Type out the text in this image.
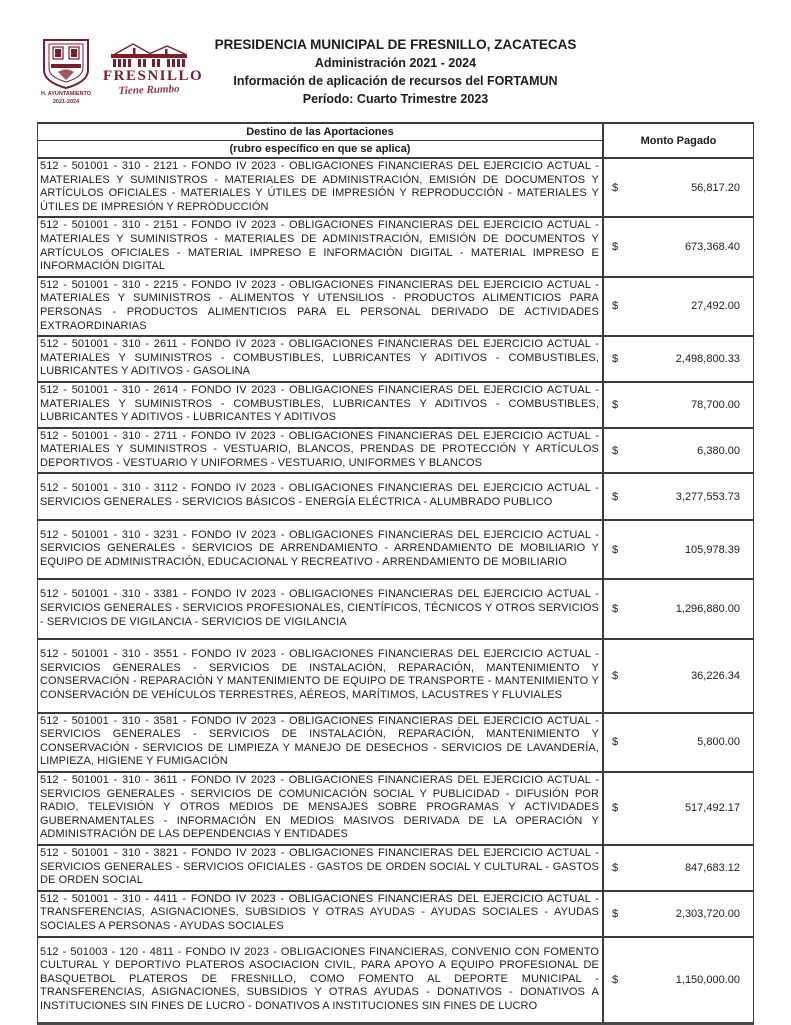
H. AYUNTAMIENTO
2021-2024
FRESNILLO
Tiene Rumbo
PRESIDENCIA MUNICIPAL DE FRESNILLO, ZACATECAS
Administración 2021 - 2024
Información de aplicación de recursos del FORTAMUN
Período: Cuarto Trimestre 2023
Destino de las Aportaciones
(rubro específico en que se aplica)
Monto Pagado
512 - 501001 - 310 - 2121 - FONDO IV 2023 - OBLIGACIONES FINANCIERAS DEL EJERCICIO ACTUAL - MATERIALES Y SUMINISTROS - MATERIALES DE ADMINISTRACIÓN, EMISIÓN DE DOCUMENTOS Y ARTÍCULOS OFICIALES - MATERIALES Y ÚTILES DE IMPRESIÓN Y REPRODUCCIÓN - MATERIALES Y ÚTILES DE IMPRESIÓN Y REPRODUCCIÓN
$	56,817.20
512 - 501001 - 310 - 2151 - FONDO IV 2023 - OBLIGACIONES FINANCIERAS DEL EJERCICIO ACTUAL - MATERIALES Y SUMINISTROS - MATERIALES DE ADMINISTRACIÓN, EMISIÓN DE DOCUMENTOS Y ARTÍCULOS OFICIALES - MATERIAL IMPRESO E INFORMACIÓN DIGITAL - MATERIAL IMPRESO E INFORMACIÓN DIGITAL
$	673,368.40
512 - 501001 - 310 - 2215 - FONDO IV 2023 - OBLIGACIONES FINANCIERAS DEL EJERCICIO ACTUAL - MATERIALES Y SUMINISTROS - ALIMENTOS Y UTENSILIOS - PRODUCTOS ALIMENTICIOS PARA PERSONAS - PRODUCTOS ALIMENTICIOS PARA EL PERSONAL DERIVADO DE ACTIVIDADES EXTRAORDINARIAS
$	27,492.00
512 - 501001 - 310 - 2611 - FONDO IV 2023 - OBLIGACIONES FINANCIERAS DEL EJERCICIO ACTUAL - MATERIALES Y SUMINISTROS - COMBUSTIBLES, LUBRICANTES Y ADITIVOS - COMBUSTIBLES, LUBRICANTES Y ADITIVOS - GASOLINA
$	2,498,800.33
512 - 501001 - 310 - 2614 - FONDO IV 2023 - OBLIGACIONES FINANCIERAS DEL EJERCICIO ACTUAL - MATERIALES Y SUMINISTROS - COMBUSTIBLES, LUBRICANTES Y ADITIVOS - COMBUSTIBLES, LUBRICANTES Y ADITIVOS - LUBRICANTES Y ADITIVOS
$	78,700.00
512 - 501001 - 310 - 2711 - FONDO IV 2023 - OBLIGACIONES FINANCIERAS DEL EJERCICIO ACTUAL - MATERIALES Y SUMINISTROS - VESTUARIO, BLANCOS, PRENDAS DE PROTECCIÓN Y ARTÍCULOS DEPORTIVOS - VESTUARIO Y UNIFORMES - VESTUARIO, UNIFORMES Y BLANCOS
$	6,380.00
512 - 501001 - 310 - 3112 - FONDO IV 2023 - OBLIGACIONES FINANCIERAS DEL EJERCICIO ACTUAL - SERVICIOS GENERALES - SERVICIOS BÁSICOS - ENERGÍA ELÉCTRICA - ALUMBRADO PUBLICO	$	3,277,553.73
512 - 501001 - 310 - 3231 - FONDO IV 2023 - OBLIGACIONES FINANCIERAS DEL EJERCICIO ACTUAL - SERVICIOS GENERALES - SERVICIOS DE ARRENDAMIENTO - ARRENDAMIENTO DE MOBILIARIO Y EQUIPO DE ADMINISTRACIÓN, EDUCACIONAL Y RECREATIVO - ARRENDAMIENTO DE MOBILIARIO
$	105,978.39
512 - 501001 - 310 - 3381 - FONDO IV 2023 - OBLIGACIONES FINANCIERAS DEL EJERCICIO ACTUAL - SERVICIOS GENERALES - SERVICIOS PROFESIONALES, CIENTÍFICOS, TÉCNICOS Y OTROS SERVICIOS - SERVICIOS DE VIGILANCIA - SERVICIOS DE VIGILANCIA
$	1,296,880.00
512 - 501001 - 310 - 3551 - FONDO IV 2023 - OBLIGACIONES FINANCIERAS DEL EJERCICIO ACTUAL - SERVICIOS GENERALES - SERVICIOS DE INSTALACIÓN, REPARACIÓN, MANTENIMIENTO Y CONSERVACIÓN - REPARACIÓN Y MANTENIMIENTO DE EQUIPO DE TRANSPORTE - MANTENIMIENTO Y CONSERVACIÓN DE VEHÍCULOS TERRESTRES, AÉREOS, MARÍTIMOS, LACUSTRES Y FLUVIALES
$	36,226.34
512 - 501001 - 310 - 3581 - FONDO IV 2023 - OBLIGACIONES FINANCIERAS DEL EJERCICIO ACTUAL - SERVICIOS GENERALES - SERVICIOS DE INSTALACIÓN, REPARACIÓN, MANTENIMIENTO Y CONSERVACIÓN - SERVICIOS DE LIMPIEZA Y MANEJO DE DESECHOS - SERVICIOS DE LAVANDERÍA, LIMPIEZA, HIGIENE Y FUMIGACIÓN
$	5,800.00
512 - 501001 - 310 - 3611 - FONDO IV 2023 - OBLIGACIONES FINANCIERAS DEL EJERCICIO ACTUAL - SERVICIOS GENERALES - SERVICIOS DE COMUNICACIÓN SOCIAL Y PUBLICIDAD - DIFUSIÓN POR RADIO, TELEVISIÓN Y OTROS MEDIOS DE MENSAJES SOBRE PROGRAMAS Y ACTIVIDADES GUBERNAMENTALES - INFORMACIÓN EN MEDIOS MASIVOS DERIVADA DE LA OPERACIÓN Y ADMINISTRACIÓN DE LAS DEPENDENCIAS Y ENTIDADES
$	517,492.17
512 - 501001 - 310 - 3821 - FONDO IV 2023 - OBLIGACIONES FINANCIERAS DEL EJERCICIO ACTUAL - SERVICIOS GENERALES - SERVICIOS OFICIALES - GASTOS DE ORDEN SOCIAL Y CULTURAL - GASTOS DE ORDEN SOCIAL
$	847,683.12
512 - 501001 - 310 - 4411 - FONDO IV 2023 - OBLIGACIONES FINANCIERAS DEL EJERCICIO ACTUAL - TRANSFERENCIAS, ASIGNACIONES, SUBSIDIOS Y OTRAS AYUDAS - AYUDAS SOCIALES - AYUDAS SOCIALES A PERSONAS - AYUDAS SOCIALES
$	2,303,720.00
512 - 501003 - 120 - 4811 - FONDO IV 2023 - OBLIGACIONES FINANCIERAS, CONVENIO CON FOMENTO CULTURAL Y DEPORTIVO PLATEROS ASOCIACION CIVIL, PARA APOYO A EQUIPO PROFESIONAL DE BASQUETBOL PLATEROS DE FRESNILLO, COMO FOMENTO AL DEPORTE MUNICIPAL - TRANSFERENCIAS, ASIGNACIONES, SUBSIDIOS Y OTRAS AYUDAS - DONATIVOS - DONATIVOS A INSTITUCIONES SIN FINES DE LUCRO - DONATIVOS A INSTITUCIONES SIN FINES DE LUCRO
$	1,150,000.00
